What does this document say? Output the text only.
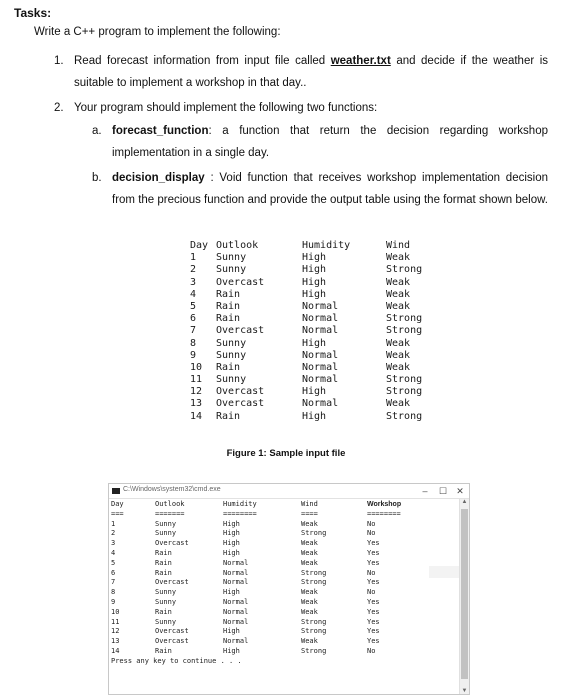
Tasks:
Write a C++ program to implement the following:
1. Read forecast information from input file called weather.txt and decide if the weather is suitable to implement a workshop in that day..
2. Your program should implement the following two functions:
a. forecast_function: a function that return the decision regarding workshop implementation in a single day.
b. decision_display : Void function that receives workshop implementation decision from the precious function and provide the output table using the format shown below.
Day Outlook	Humidity	Wind
1 Sunny	High	Weak
2 Sunny	High	Strong
3 Overcast	High	Weak
4 Rain	High	Weak
5 Rain	Normal	Weak
6 Rain	Normal	Strong
7 Overcast	Normal	Strong
8 Sunny	High	Weak
9 Sunny	Normal	Weak
10 Rain	Normal	Weak
11 Sunny	Normal	Strong
12 Overcast	High	Strong
13 Overcast	Normal	Weak
14 Rain	High	Strong
Figure 1: Sample input file
C:\Windows\system32\cmd.exe	–	☐	✕
Day	Outlook	Humidity	Wind	Workshop
===	=======	========	====	========
1	Sunny	High	Weak	No
2	Sunny	High	Strong	No
3	Overcast	High	Weak	Yes
4	Rain	High	Weak	Yes
5	Rain	Normal	Weak	Yes
6	Rain	Normal	Strong	No
7	Overcast	Normal	Strong	Yes
8	Sunny	High	Weak	No
9	Sunny	Normal	Weak	Yes
10	Rain	Normal	Weak	Yes
11	Sunny	Normal	Strong	Yes
12	Overcast	High	Strong	Yes
13	Overcast	Normal	Weak	Yes
14	Rain	High	Strong	No
Press any key to continue . . .
▲
▼
